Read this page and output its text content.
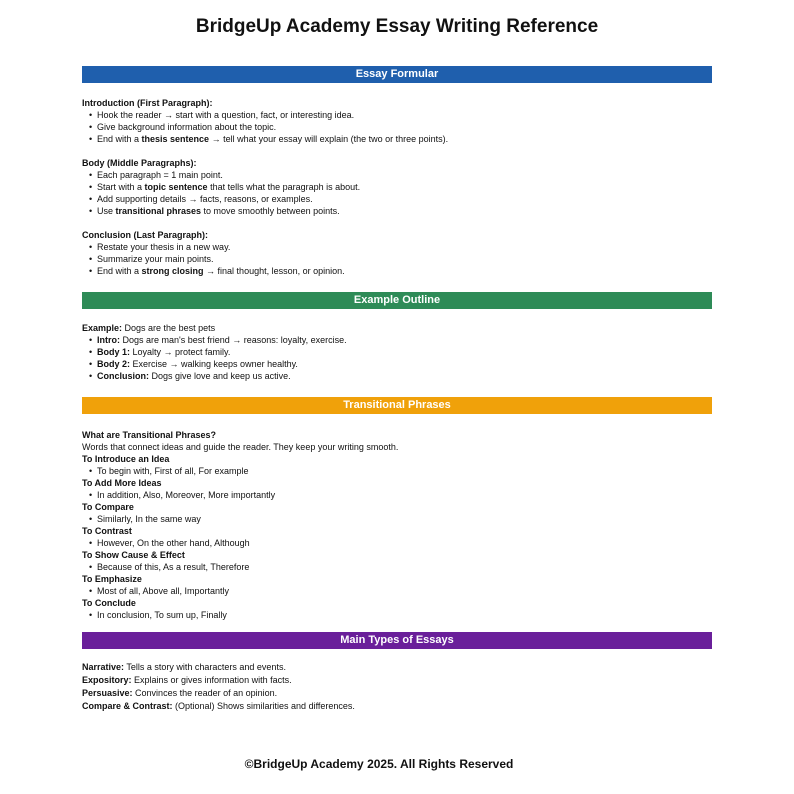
BridgeUp Academy Essay Writing Reference
Essay Formular
Introduction (First Paragraph):
• Hook the reader → start with a question, fact, or interesting idea.
• Give background information about the topic.
• End with a thesis sentence → tell what your essay will explain (the two or three points).
Body (Middle Paragraphs):
• Each paragraph = 1 main point.
• Start with a topic sentence that tells what the paragraph is about.
• Add supporting details → facts, reasons, or examples.
• Use transitional phrases to move smoothly between points.
Conclusion (Last Paragraph):
• Restate your thesis in a new way.
• Summarize your main points.
• End with a strong closing → final thought, lesson, or opinion.
Example Outline
Example: Dogs are the best pets
• Intro: Dogs are man's best friend → reasons: loyalty, exercise.
• Body 1: Loyalty → protect family.
• Body 2: Exercise → walking keeps owner healthy.
• Conclusion: Dogs give love and keep us active.
Transitional Phrases
What are Transitional Phrases?
Words that connect ideas and guide the reader. They keep your writing smooth.
To Introduce an Idea
• To begin with, First of all, For example
To Add More Ideas
• In addition, Also, Moreover, More importantly
To Compare
• Similarly, In the same way
To Contrast
• However, On the other hand, Although
To Show Cause & Effect
• Because of this, As a result, Therefore
To Emphasize
• Most of all, Above all, Importantly
To Conclude
• In conclusion, To sum up, Finally
Main Types of Essays
Narrative: Tells a story with characters and events.
Expository: Explains or gives information with facts.
Persuasive: Convinces the reader of an opinion.
Compare & Contrast: (Optional) Shows similarities and differences.
©BridgeUp Academy 2025. All Rights Reserved
